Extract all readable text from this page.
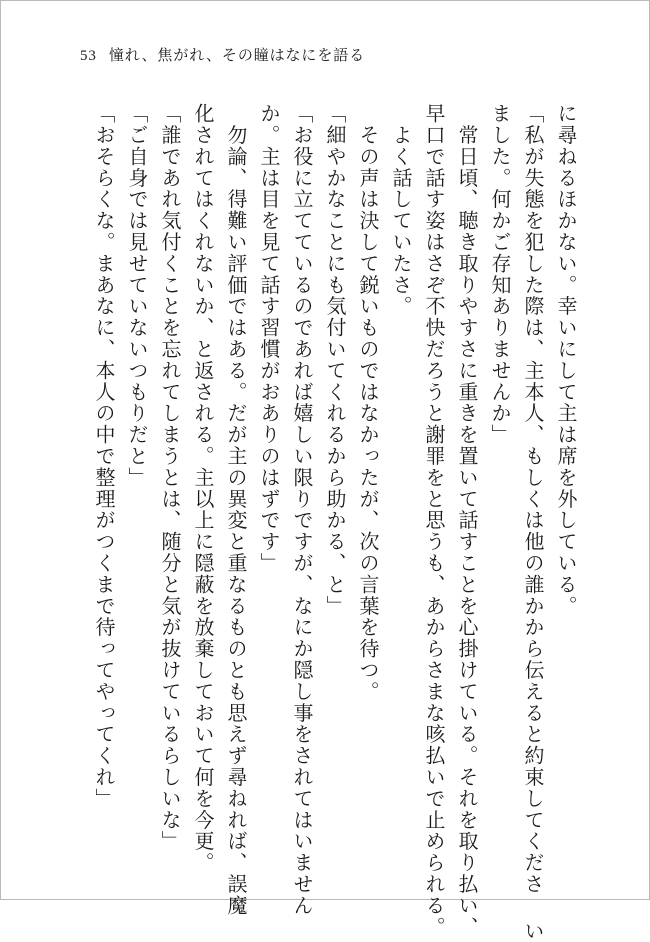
53 憧れ、焦がれ、その瞳はなにを語る
に尋ねるほかない。幸いにして主は席を外している。
「私が失態を犯した際は、主本人、もしくは他の誰かから伝えると約束してくださ い
ました。何かご存知ありませんか」
　常日頃、聴き取りやすさに重きを置いて話すことを心掛けている。それを取り払い、
早口で話す姿はさぞ不快だろうと謝罪をと思うも、あからさまな咳払いで止められる。
　よく話していたさ。
　その声は決して鋭いものではなかったが、次の言葉を待つ。
「細やかなことにも気付いてくれるから助かる、と」
「お役に立てているのであれば嬉しい限りですが、なにか隠し事をされてはいません
か。主は目を見て話す習慣がおありのはずです」
　勿論、得難い評価ではある。だが主の異変と重なるものとも思えず尋ねれば、誤魔
化されてはくれないか、と返される。主以上に隠蔽を放棄しておいて何を今更。
「誰であれ気付くことを忘れてしまうとは、随分と気が抜けているらしいな」
「ご自身では見せていないつもりだと」
「おそらくな。まあなに、本人の中で整理がつくまで待ってやってくれ」
